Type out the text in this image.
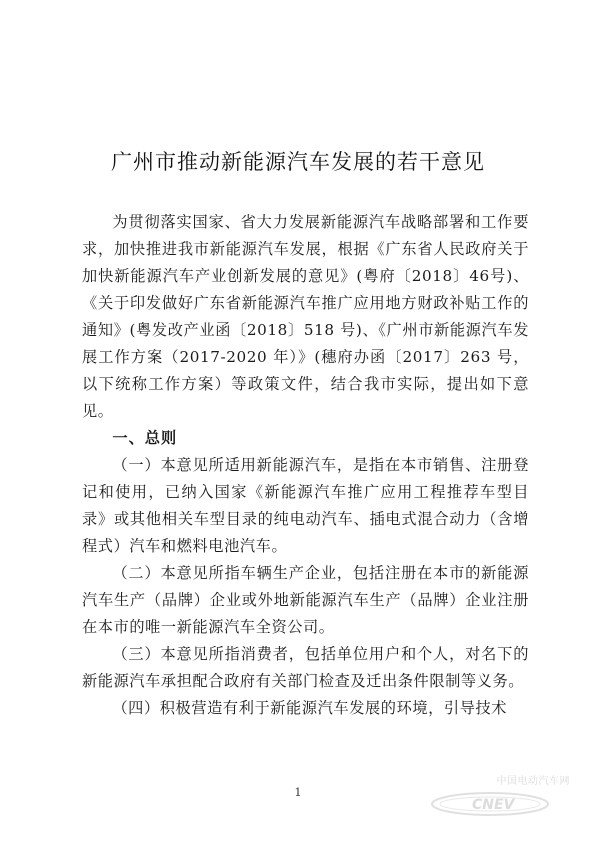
广州市推动新能源汽车发展的若干意见

为贯彻落实国家、省大力发展新能源汽车战略部署和工作要求，加快推进我市新能源汽车发展，根据《广东省人民政府关于加快新能源汽车产业创新发展的意见》(粤府〔2018〕46号)、《关于印发做好广东省新能源汽车推广应用地方财政补贴工作的通知》(粤发改产业函〔2018〕518 号)、《广州市新能源汽车发展工作方案（2017-2020 年）》(穗府办函〔2017〕263 号，以下统称工作方案）等政策文件，结合我市实际，提出如下意见。

一、总则

（一）本意见所适用新能源汽车，是指在本市销售、注册登记和使用，已纳入国家《新能源汽车推广应用工程推荐车型目录》或其他相关车型目录的纯电动汽车、插电式混合动力（含增程式）汽车和燃料电池汽车。

（二）本意见所指车辆生产企业，包括注册在本市的新能源汽车生产（品牌）企业或外地新能源汽车生产（品牌）企业注册在本市的唯一新能源汽车全资公司。

（三）本意见所指消费者，包括单位用户和个人，对名下的新能源汽车承担配合政府有关部门检查及迁出条件限制等义务。

（四）积极营造有利于新能源汽车发展的环境，引导技术

1
中国电动汽车网
CNEV
